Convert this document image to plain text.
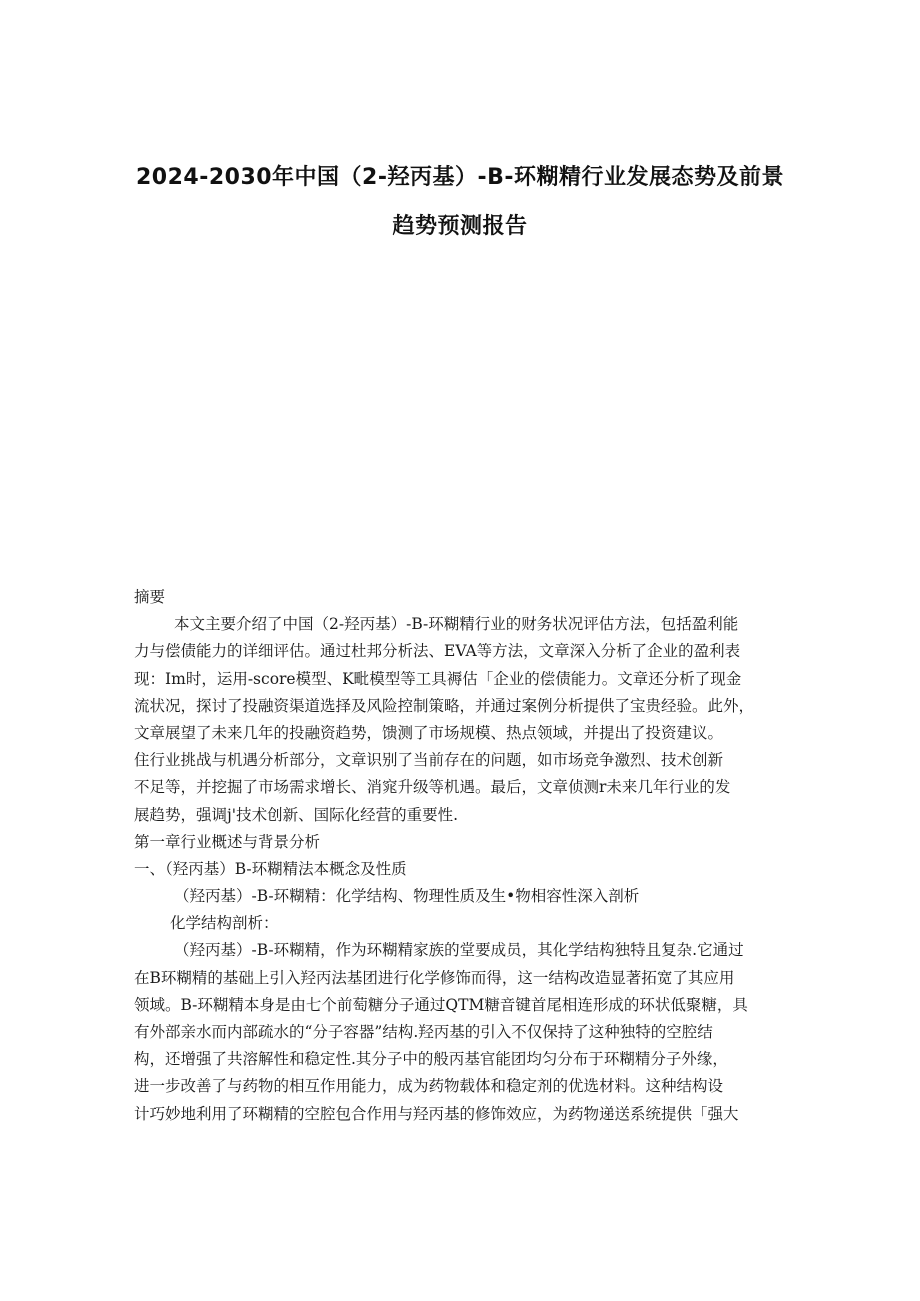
2024-2030年中国（2-羟丙基）-B-环糊精行业发展态势及前景
趋势预测报告
摘要
本文主要介绍了中国（2-羟丙基）-B-环糊精行业的财务状况评估方法，包括盈利能
力与偿债能力的详细评估。通过杜邦分析法、EVA等方法，文章深入分析了企业的盈利表
现：Im时，运用-score模型、K毗模型等工具褥估「企业的偿债能力。文章还分析了现金
流状况，探讨了投融资渠道选择及风险控制策略，并通过案例分析提供了宝贵经验。此外，
文章展望了未来几年的投融资趋势，馈测了市场规模、热点领域，并提出了投资建议。
住行业挑战与机遇分析部分，文章识别了当前存在的问题，如市场竞争激烈、技术创新
不足等，并挖掘了市场需求增长、消窕升级等机遇。最后，文章侦测r未来几年行业的发
展趋势，强调j'技术创新、国际化经营的重要性.
第一章行业概述与背景分析
一、（羟丙基）B-环糊精法本概念及性质
（羟丙基）-B-环糊精：化学结构、物理性质及生•物相容性深入剖析
化学结构剖析：
（羟丙基）-B-环糊精，作为环糊精家族的堂要成员，其化学结构独特且复杂.它通过
在B环糊精的基础上引入羟丙法基团进行化学修饰而得，这一结构改造显著拓宽了其应用
领域。B-环糊精本身是由七个前萄糖分子通过QTM糖音键首尾相连形成的环状低聚糖，具
有外部亲水而内部疏水的“分子容器”结构.羟丙基的引入不仅保持了这种独特的空腔结
构，还增强了共溶解性和稳定性.其分子中的般丙基官能团均匀分布于环糊精分子外缘，
进一步改善了与药物的相互作用能力，成为药物载体和稳定剂的优选材料。这种结构设
计巧妙地利用了环糊精的空腔包合作用与羟丙基的修饰效应，为药物递送系统提供「强大
